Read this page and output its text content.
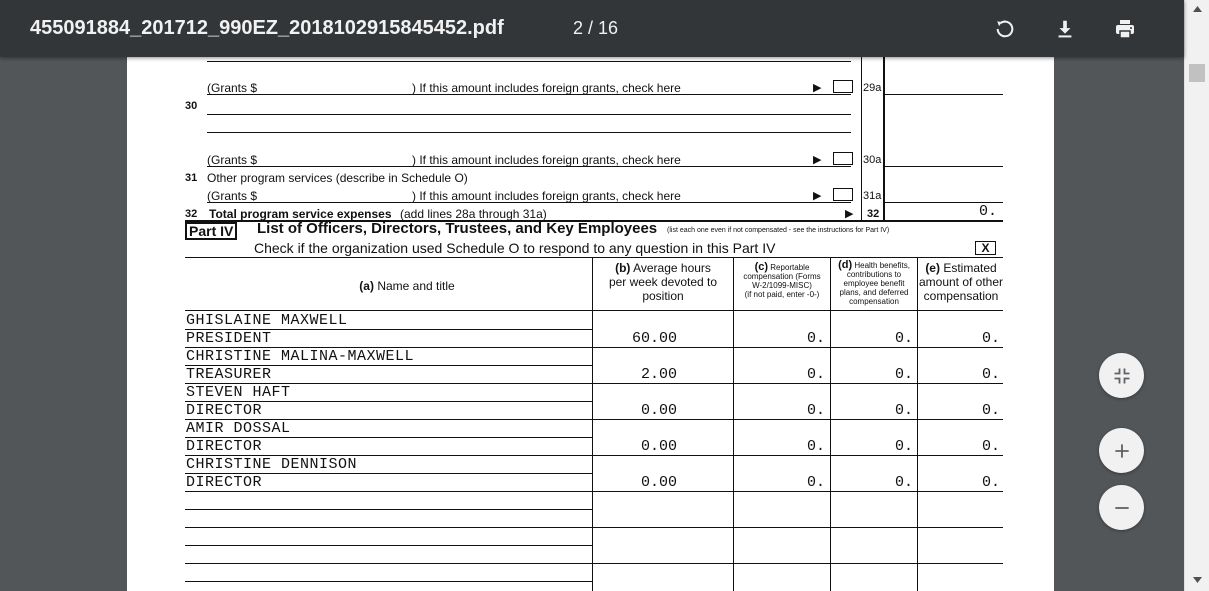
455091884_201712_990EZ_2018102915845452.pdf	2 / 16
(Grants $	) If this amount includes foreign grants, check here	▶	29a
30
(Grants $	) If this amount includes foreign grants, check here	▶	30a
31 Other program services (describe in Schedule O)
(Grants $	) If this amount includes foreign grants, check here	▶	31a
32 Total program service expenses (add lines 28a through 31a)	▶ 32	0.
Part IV List of Officers, Directors, Trustees, and Key Employees (list each one even if not compensated - see the instructions for Part IV)
Check if the organization used Schedule O to respond to any question in this Part IV	X
(a) Name and title
(b) Average hours
per week devoted to
position
(c) Reportable
compensation (Forms
W-2/1099-MISC)
(if not paid, enter -0-)
(d) Health benefits,
contributions to
employee benefit
plans, and deferred
compensation
(e) Estimated
amount of other
compensation
GHISLAINE MAXWELL
PRESIDENT	60.00	0.	0.	0.
CHRISTINE MALINA-MAXWELL
TREASURER	2.00	0.	0.	0.
STEVEN HAFT
DIRECTOR	0.00	0.	0.	0.
AMIR DOSSAL
DIRECTOR	0.00	0.	0.	0.
CHRISTINE DENNISON
DIRECTOR	0.00	0.	0.	0.
